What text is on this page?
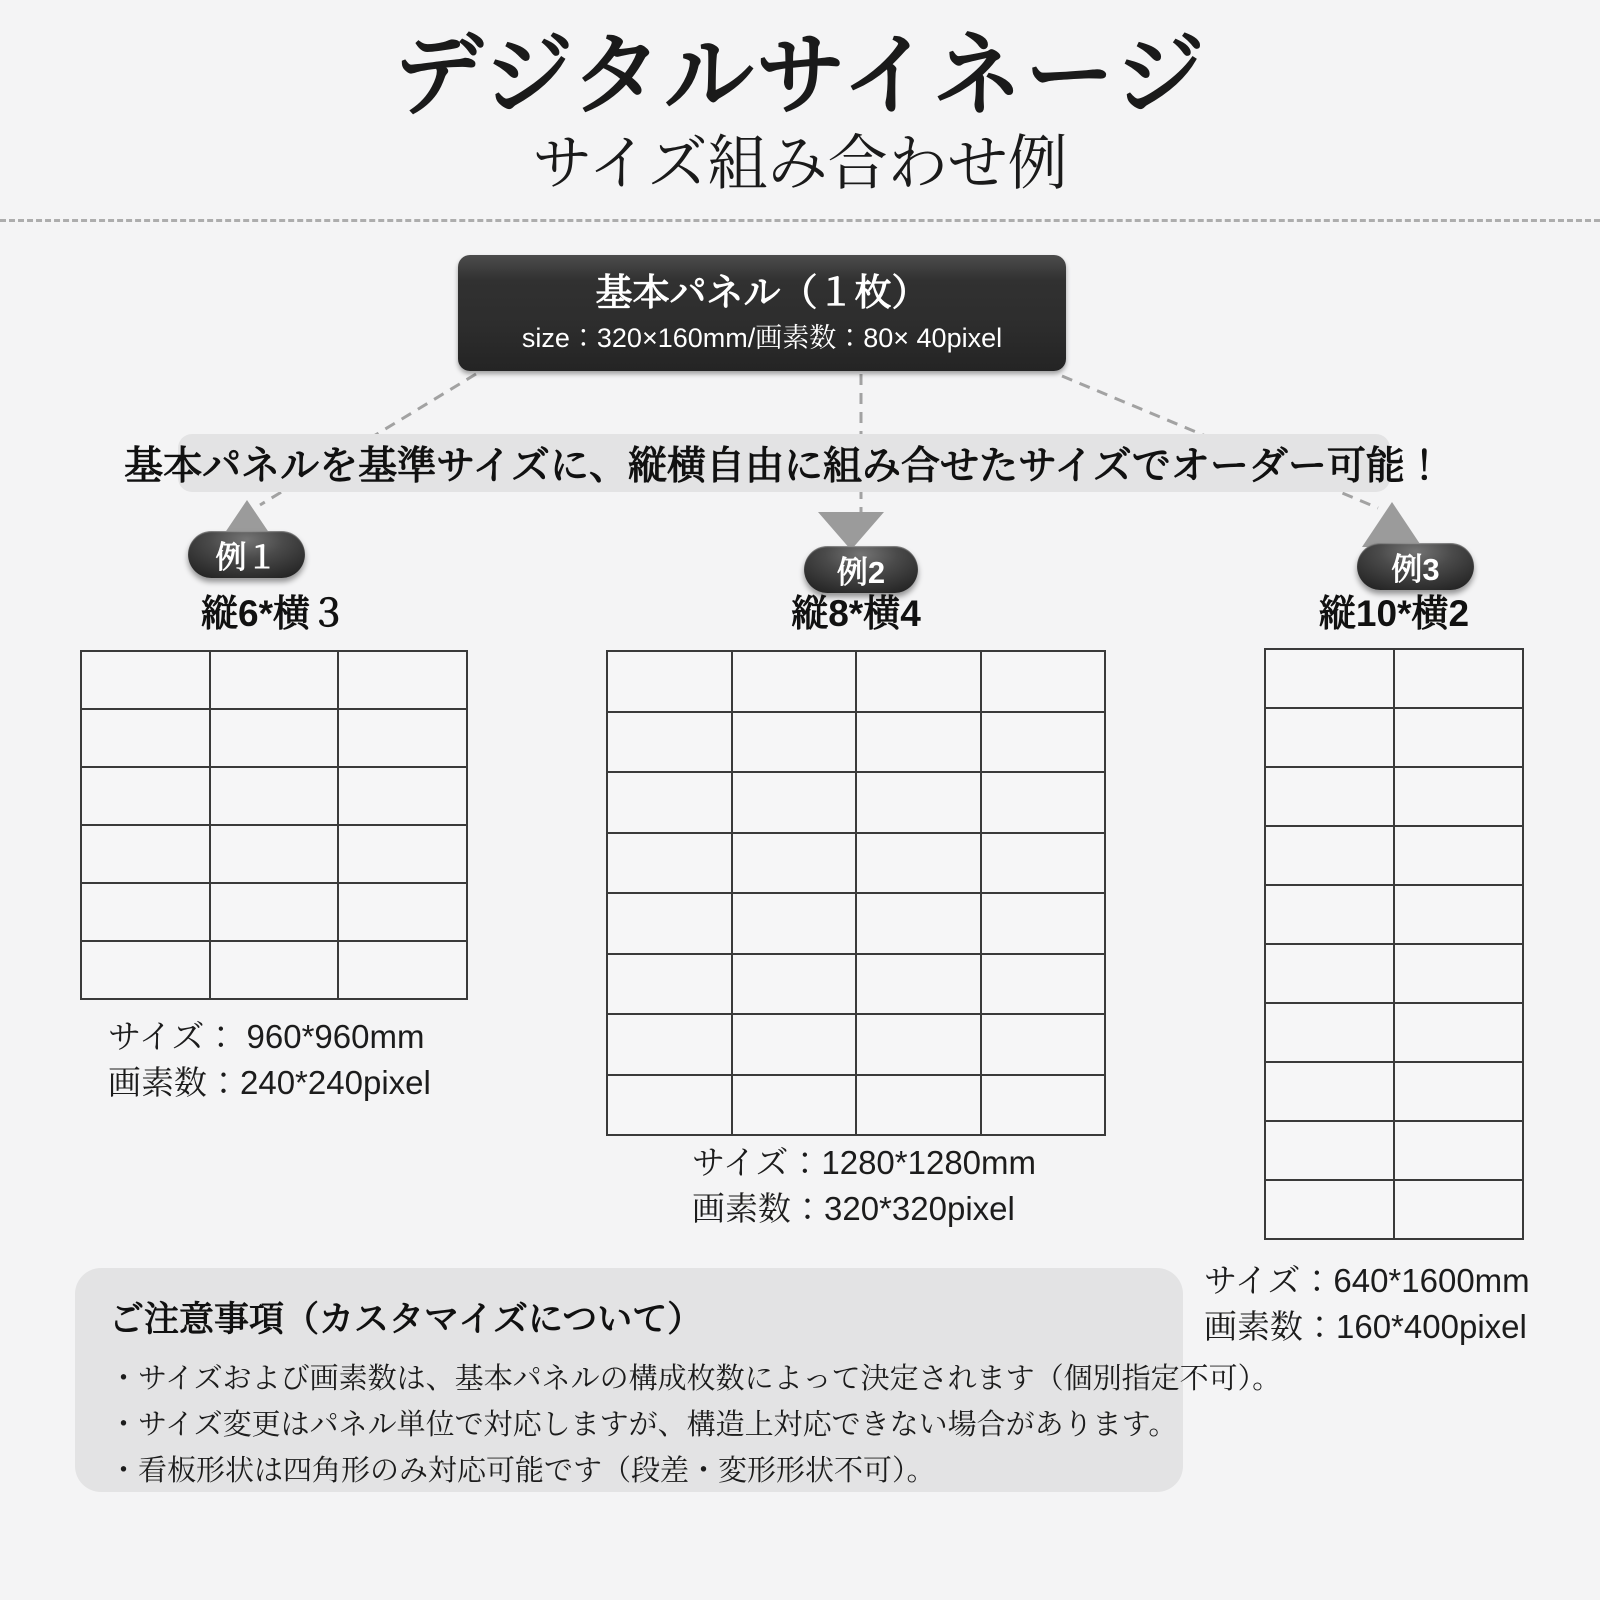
デジタルサイネージ
サイズ組み合わせ例
基本パネル（１枚）
size：320×160mm/画素数：80× 40pixel
基本パネルを基準サイズに、縦横自由に組み合せたサイズでオーダー可能！
例１	例2	例3
縦6*横３	縦8*横4	縦10*横2
サイズ： 960*960mm
画素数：240*240pixel
サイズ：1280*1280mm
画素数：320*320pixel
サイズ：640*1600mm
画素数：160*400pixel
ご注意事項（カスタマイズについて）
・サイズおよび画素数は、基本パネルの構成枚数によって決定されます（個別指定不可）。
・サイズ変更はパネル単位で対応しますが、構造上対応できない場合があります。
・看板形状は四角形のみ対応可能です（段差・変形形状不可）。
